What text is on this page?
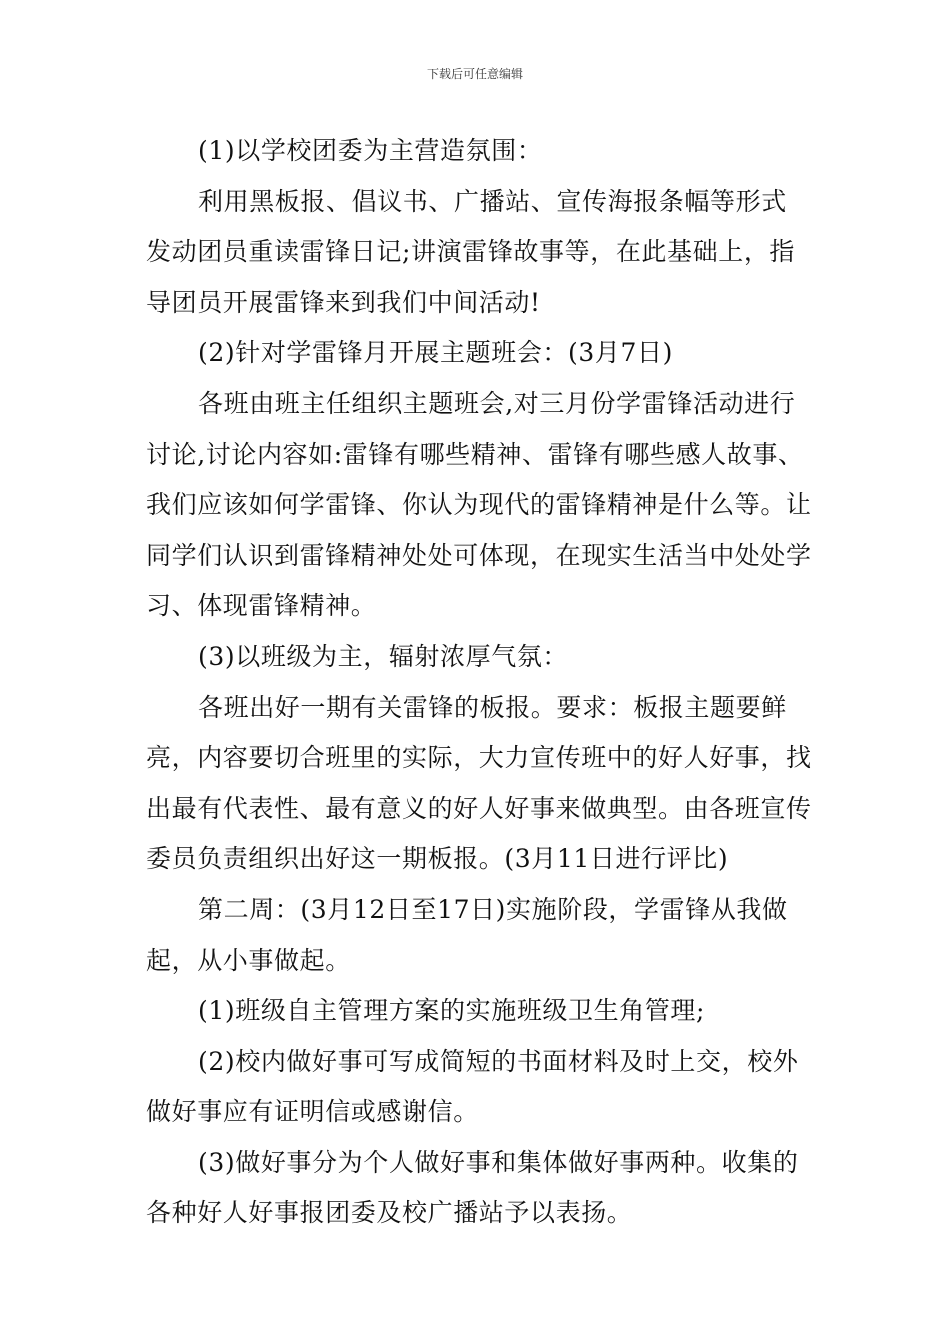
下载后可任意编辑

(1)以学校团委为主营造氛围：

利用黑板报、倡议书、广播站、宣传海报条幅等形式发动团员重读雷锋日记;讲演雷锋故事等，在此基础上，指导团员开展雷锋来到我们中间活动!

(2)针对学雷锋月开展主题班会：(3月7日)

各班由班主任组织主题班会,对三月份学雷锋活动进行讨论,讨论内容如:雷锋有哪些精神、雷锋有哪些感人故事、我们应该如何学雷锋、你认为现代的雷锋精神是什么等。让同学们认识到雷锋精神处处可体现，在现实生活当中处处学习、体现雷锋精神。

(3)以班级为主，辐射浓厚气氛：

各班出好一期有关雷锋的板报。要求：板报主题要鲜亮，内容要切合班里的实际，大力宣传班中的好人好事，找出最有代表性、最有意义的好人好事来做典型。由各班宣传委员负责组织出好这一期板报。(3月11日进行评比)

第二周：(3月12日至17日)实施阶段，学雷锋从我做起，从小事做起。

(1)班级自主管理方案的实施班级卫生角管理;

(2)校内做好事可写成简短的书面材料及时上交，校外做好事应有证明信或感谢信。

(3)做好事分为个人做好事和集体做好事两种。收集的各种好人好事报团委及校广播站予以表扬。
